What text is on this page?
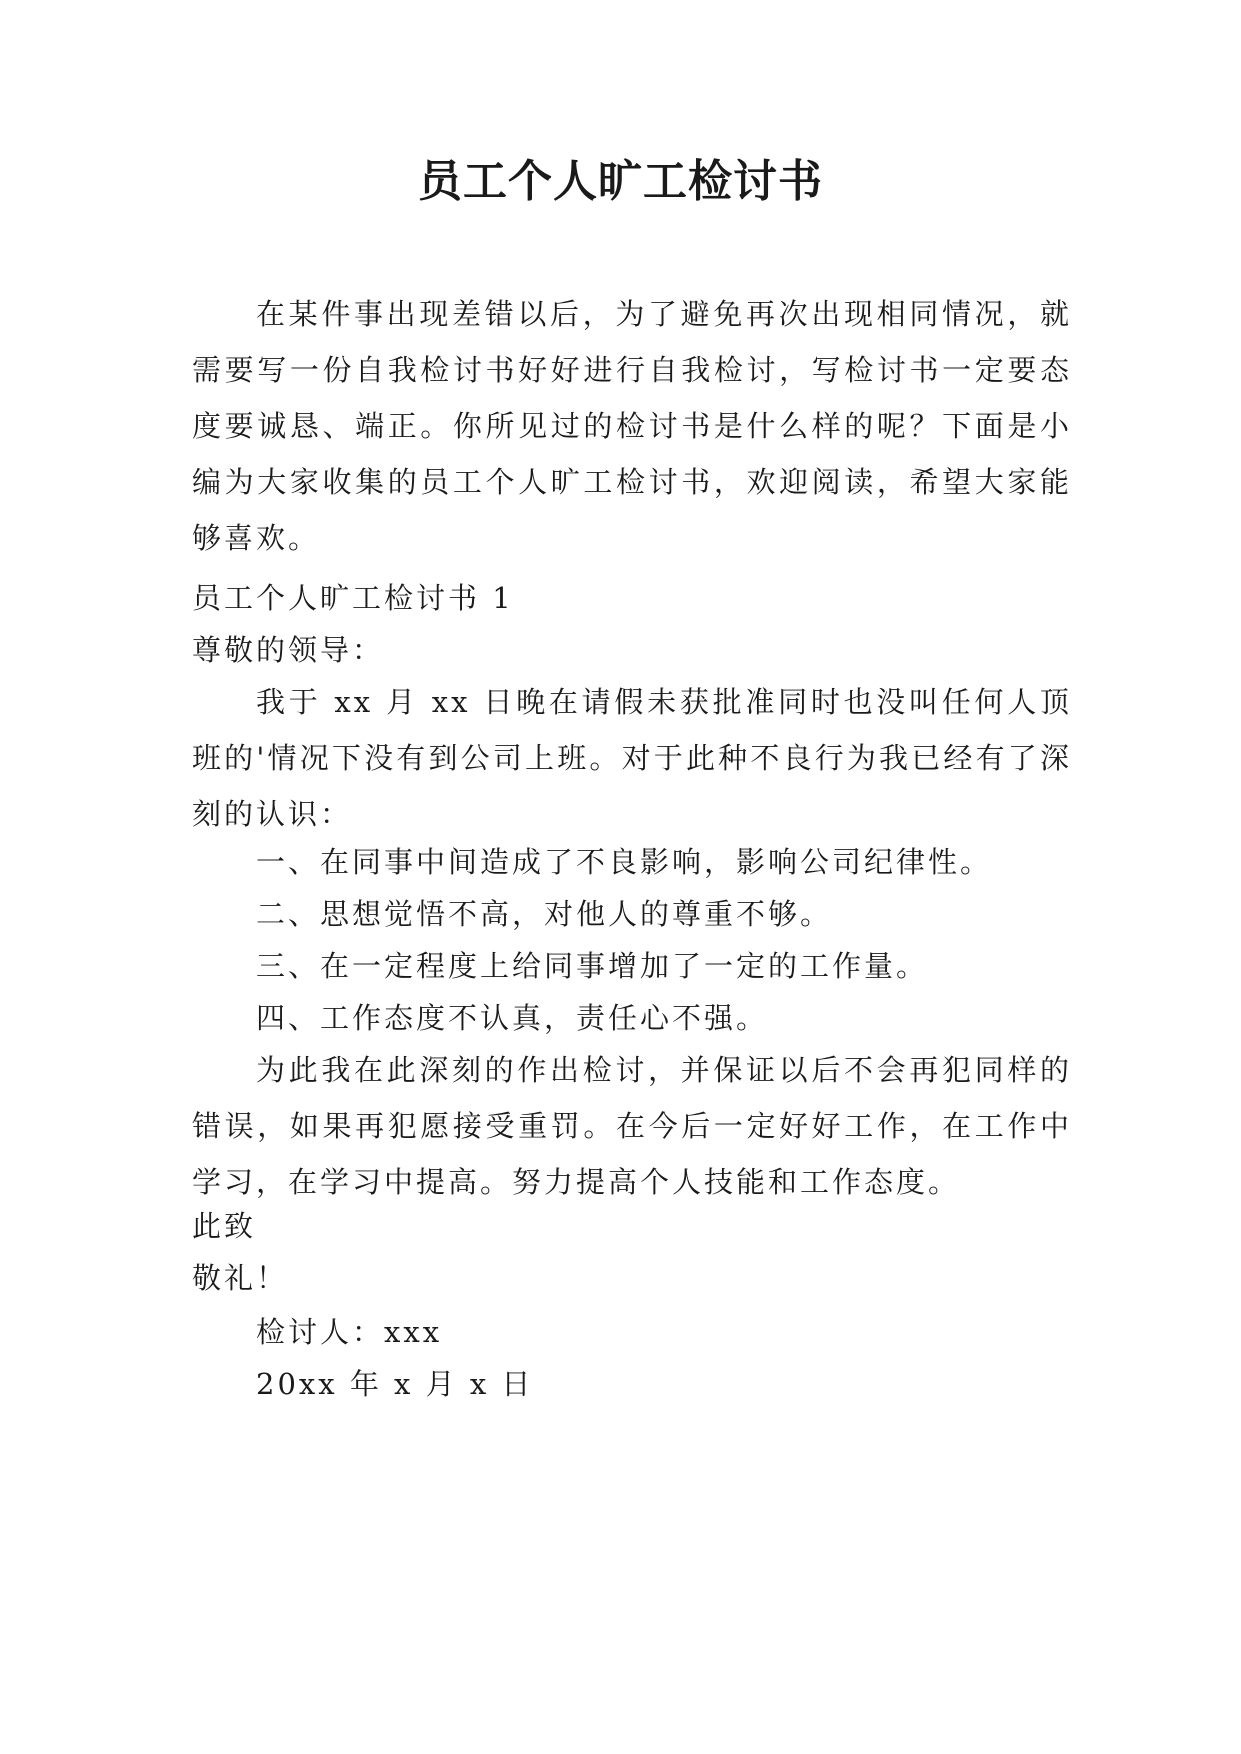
员工个人旷工检讨书

在某件事出现差错以后，为了避免再次出现相同情况，就需要写一份自我检讨书好好进行自我检讨，写检讨书一定要态度要诚恳、端正。你所见过的检讨书是什么样的呢？下面是小编为大家收集的员工个人旷工检讨书，欢迎阅读，希望大家能够喜欢。

员工个人旷工检讨书 1

尊敬的领导：

我于 xx 月 xx 日晚在请假未获批准同时也没叫任何人顶班的'情况下没有到公司上班。对于此种不良行为我已经有了深刻的认识：

一、在同事中间造成了不良影响，影响公司纪律性。

二、思想觉悟不高，对他人的尊重不够。

三、在一定程度上给同事增加了一定的工作量。

四、工作态度不认真，责任心不强。

为此我在此深刻的作出检讨，并保证以后不会再犯同样的错误，如果再犯愿接受重罚。在今后一定好好工作，在工作中学习，在学习中提高。努力提高个人技能和工作态度。

此致

敬礼！

检讨人：xxx

20xx 年 x 月 x 日
